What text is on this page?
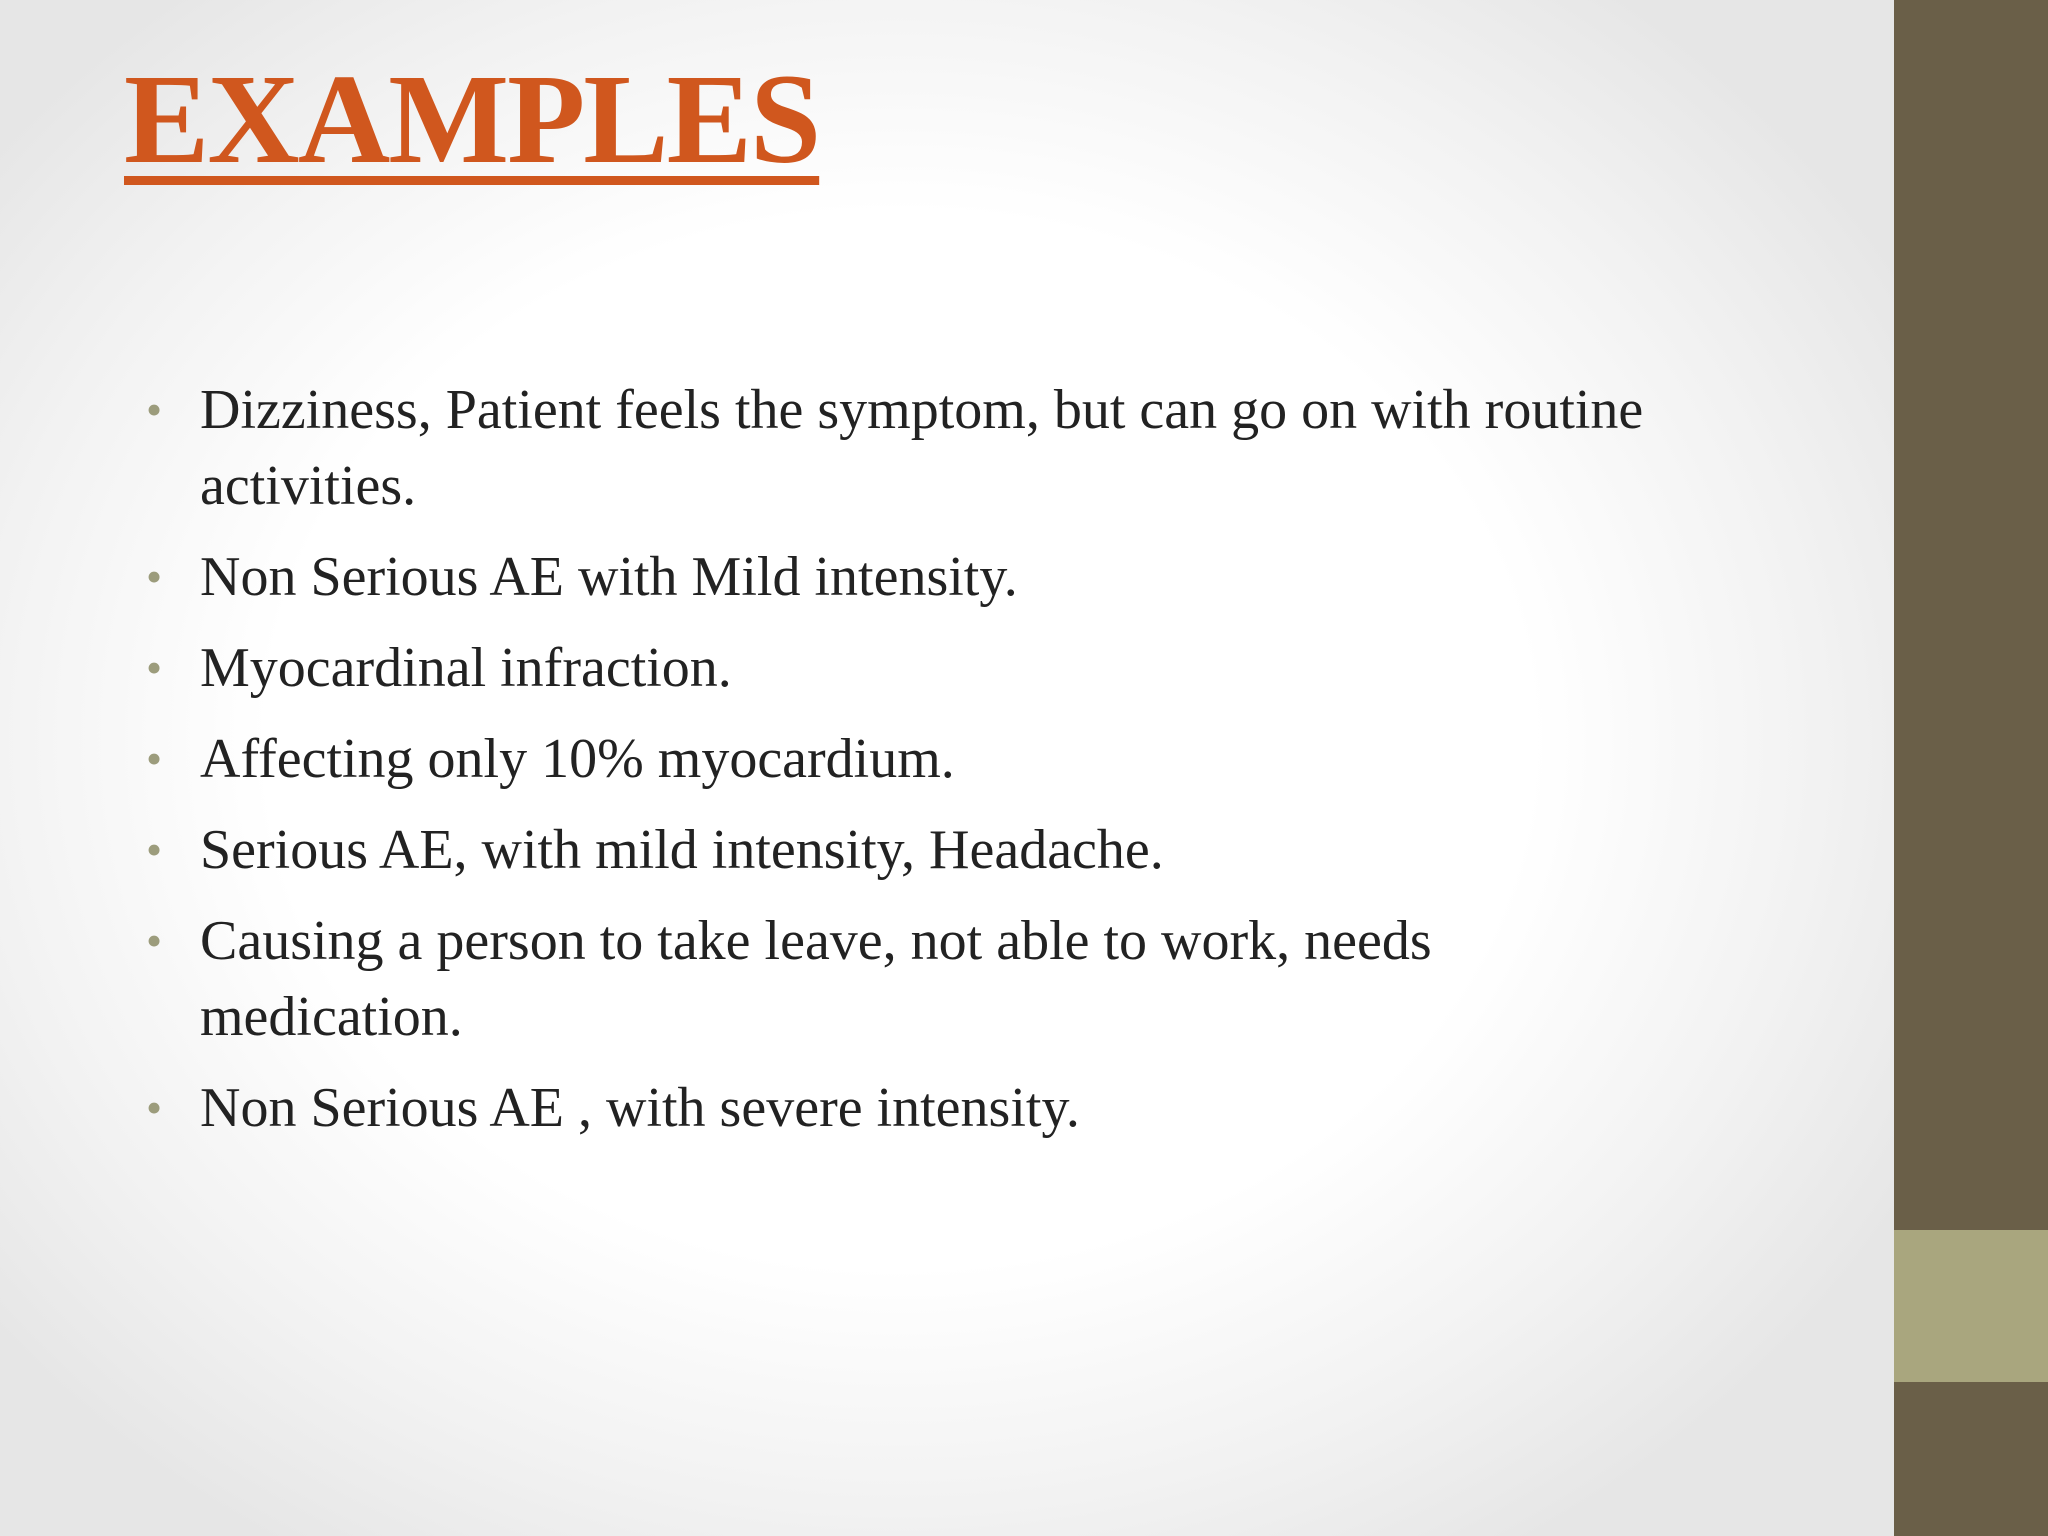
EXAMPLES
• Dizziness, Patient feels the symptom, but can go on with routine activities.
• Non Serious AE with Mild intensity.
• Myocardinal infraction.
• Affecting only 10% myocardium.
• Serious AE, with mild intensity, Headache.
• Causing a person to take leave, not able to work, needs medication.
• Non Serious AE , with severe intensity.
